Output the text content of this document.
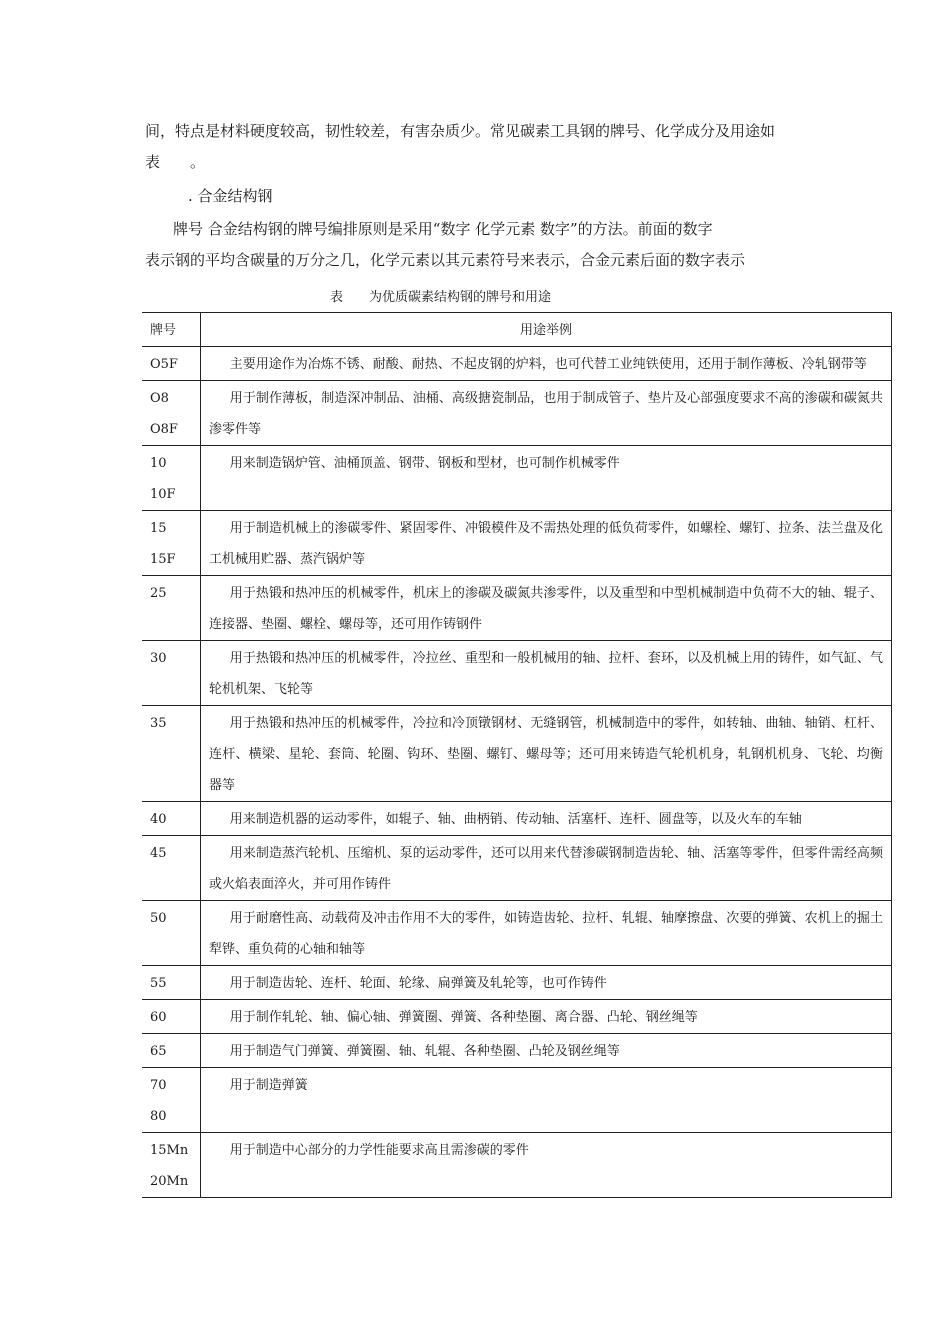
间，特点是材料硬度较高，韧性较差，有害杂质少。常见碳素工具钢的牌号、化学成分及用途如表　　。
. 合金结构钢
牌号 合金结构钢的牌号编排原则是采用“数字 化学元素 数字”的方法。前面的数字
表示钢的平均含碳量的万分之几，化学元素以其元素符号来表示，合金元素后面的数字表示
表　　为优质碳素结构钢的牌号和用途
牌号	用途举例

O5F	主要用途作为冶炼不锈、耐酸、耐热、不起皮钢的炉料，也可代替工业纯铁使用，还用于制作薄板、冷轧钢带等

O8
O8F	用于制作薄板，制造深冲制品、油桶、高级搪瓷制品，也用于制成管子、垫片及心部强度要求不高的渗碳和碳氮共渗零件等

10
10F	用来制造锅炉管、油桶顶盖、钢带、钢板和型材，也可制作机械零件

15
15F	用于制造机械上的渗碳零件、紧固零件、冲锻模件及不需热处理的低负荷零件，如螺栓、螺钉、拉条、法兰盘及化工机械用贮器、蒸汽锅炉等

25	用于热锻和热冲压的机械零件，机床上的渗碳及碳氮共渗零件，以及重型和中型机械制造中负荷不大的轴、辊子、连接器、垫圈、螺栓、螺母等，还可用作铸钢件

30	用于热锻和热冲压的机械零件，冷拉丝、重型和一般机械用的轴、拉杆、套环，以及机械上用的铸件，如气缸、气轮机机架、飞轮等

35	用于热锻和热冲压的机械零件，冷拉和冷顶镦钢材、无缝钢管，机械制造中的零件，如转轴、曲轴、轴销、杠杆、连杆、横梁、星轮、套筒、轮圈、钩环、垫圈、螺钉、螺母等；还可用来铸造气轮机机身，轧钢机机身、飞轮、均衡器等

40	用来制造机器的运动零件，如辊子、轴、曲柄销、传动轴、活塞杆、连杆、圆盘等，以及火车的车轴

45	用来制造蒸汽轮机、压缩机、泵的运动零件，还可以用来代替渗碳钢制造齿轮、轴、活塞等零件，但零件需经高频或火焰表面淬火，并可用作铸件

50	用于耐磨性高、动载荷及冲击作用不大的零件，如铸造齿轮、拉杆、轧辊、轴摩擦盘、次要的弹簧、农机上的掘土犁铧、重负荷的心轴和轴等

55	用于制造齿轮、连杆、轮面、轮缘、扁弹簧及轧轮等，也可作铸件

60	用于制作轧轮、轴、偏心轴、弹簧圈、弹簧、各种垫圈、离合器、凸轮、钢丝绳等

65	用于制造气门弹簧、弹簧圈、轴、轧辊、各种垫圈、凸轮及钢丝绳等

70
80	用于制造弹簧

15Mn
20Mn	用于制造中心部分的力学性能要求高且需渗碳的零件
